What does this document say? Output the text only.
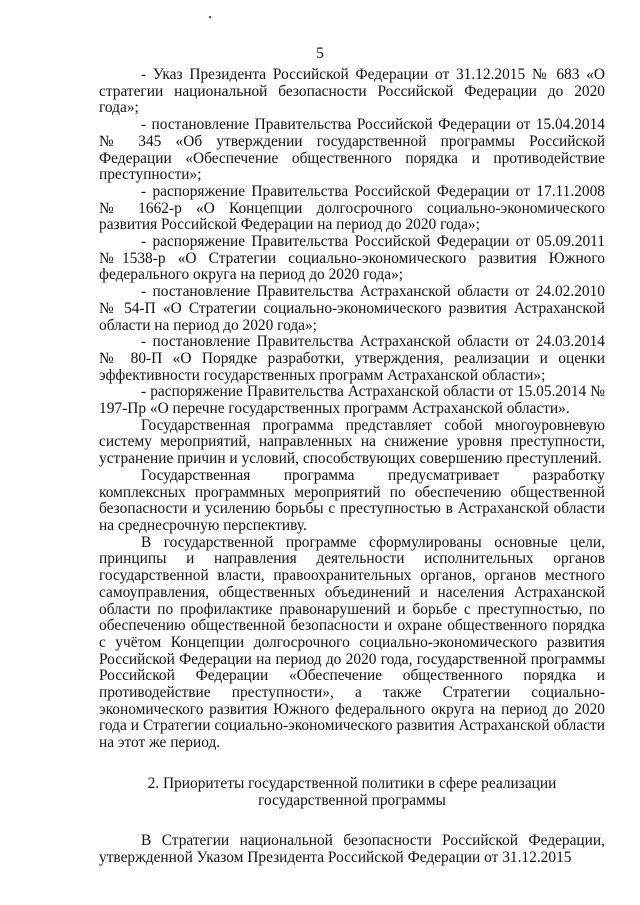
5

- Указ Президента Российской Федерации от 31.12.2015 № 683 «О стратегии национальной безопасности Российской Федерации до 2020 года»;

- постановление Правительства Российской Федерации от 15.04.2014 № 345 «Об утверждении государственной программы Российской Федерации «Обеспечение общественного порядка и противодействие преступности»;

- распоряжение Правительства Российской Федерации от 17.11.2008 № 1662-р «О Концепции долгосрочного социально-экономического развития Российской Федерации на период до 2020 года»;

- распоряжение Правительства Российской Федерации от 05.09.2011 №1538-р «О Стратегии социально-экономического развития Южного федерального округа на период до 2020 года»;

- постановление Правительства Астраханской области от 24.02.2010 № 54-П «О Стратегии социально-экономического развития Астраханской области на период до 2020 года»;

- постановление Правительства Астраханской области от 24.03.2014 № 80-П «О Порядке разработки, утверждения, реализации и оценки эффективности государственных программ Астраханской области»;

- распоряжение Правительства Астраханской области от 15.05.2014 № 197-Пр «О перечне государственных программ Астраханской области».

Государственная программа представляет собой многоуровневую систему мероприятий, направленных на снижение уровня преступности, устранение причин и условий, способствующих совершению преступлений.

Государственная программа предусматривает разработку комплексных программных мероприятий по обеспечению общественной безопасности и усилению борьбы с преступностью в Астраханской области на среднесрочную перспективу.

В государственной программе сформулированы основные цели, принципы и направления деятельности исполнительных органов государственной власти, правоохранительных органов, органов местного самоуправления, общественных объединений и населения Астраханской области по профилактике правонарушений и борьбе с преступностью, по обеспечению общественной безопасности и охране общественного порядка с учётом Концепции долгосрочного социально-экономического развития Российской Федерации на период до 2020 года, государственной программы Российской Федерации «Обеспечение общественного порядка и противодействие преступности», а также Стратегии социально-экономического развития Южного федерального округа на период до 2020 года и Стратегии социально-экономического развития Астраханской области на этот же период.

2. Приоритеты государственной политики в сфере реализации
государственной программы

В Стратегии национальной безопасности Российской Федерации, утвержденной Указом Президента Российской Федерации от 31.12.2015
